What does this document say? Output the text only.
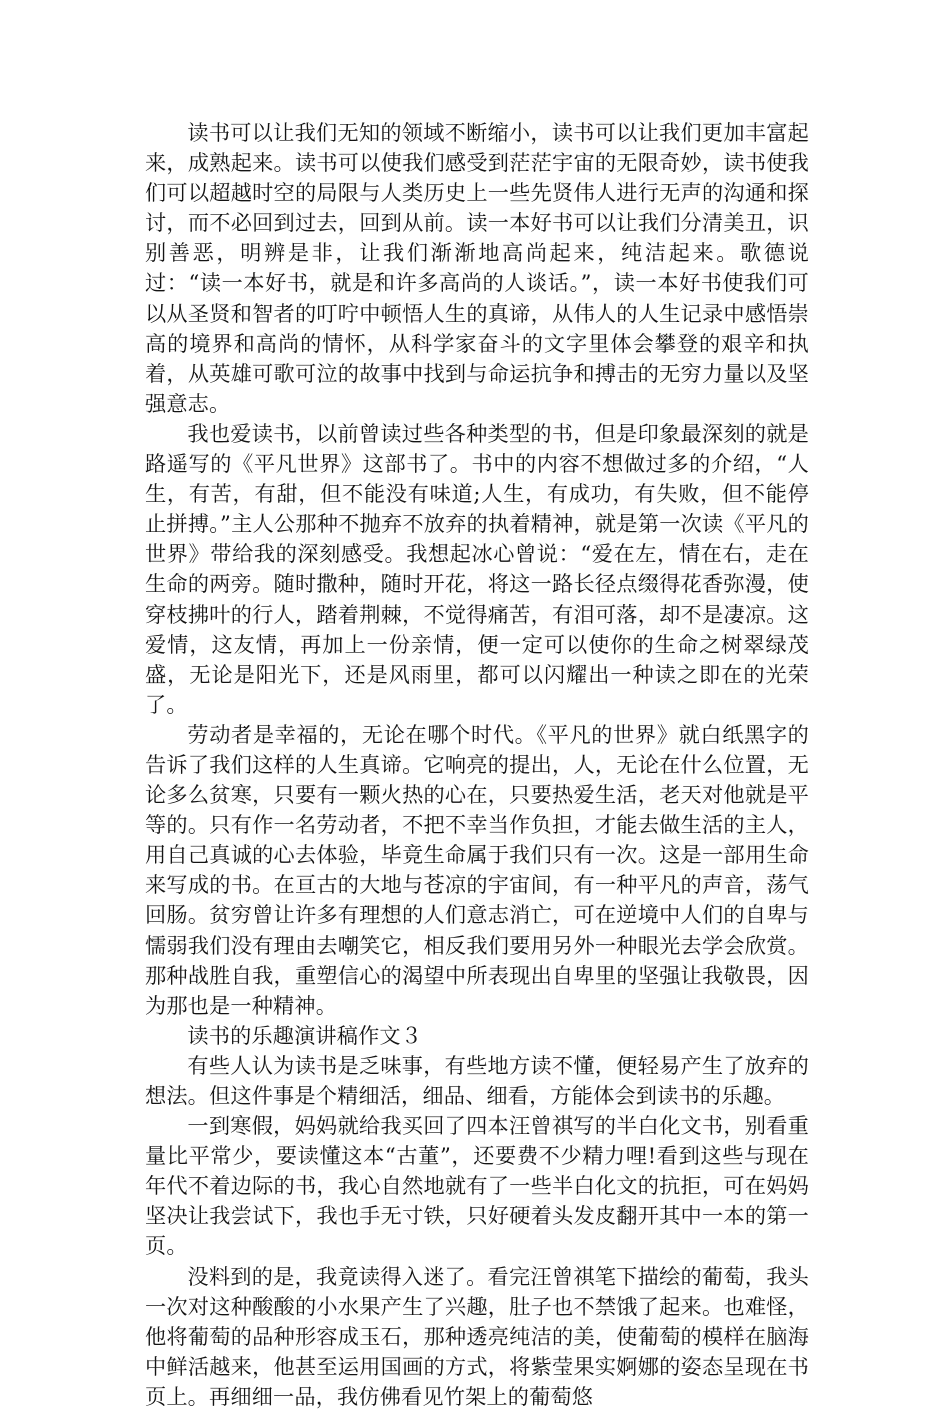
读书可以让我们无知的领域不断缩小，读书可以让我们更加丰富起来，成熟起来。读书可以使我们感受到茫茫宇宙的无限奇妙，读书使我们可以超越时空的局限与人类历史上一些先贤伟人进行无声的沟通和探讨，而不必回到过去，回到从前。读一本好书可以让我们分清美丑，识别善恶，明辨是非，让我们渐渐地高尚起来，纯洁起来。歌德说过：“读一本好书，就是和许多高尚的人谈话。”，读一本好书使我们可以从圣贤和智者的叮咛中顿悟人生的真谛，从伟人的人生记录中感悟崇高的境界和高尚的情怀，从科学家奋斗的文字里体会攀登的艰辛和执着，从英雄可歌可泣的故事中找到与命运抗争和搏击的无穷力量以及坚强意志。

我也爱读书，以前曾读过些各种类型的书，但是印象最深刻的就是路遥写的《平凡世界》这部书了。书中的内容不想做过多的介绍，“人生，有苦，有甜，但不能没有味道;人生，有成功，有失败，但不能停止拼搏。”主人公那种不抛弃不放弃的执着精神，就是第一次读《平凡的世界》带给我的深刻感受。我想起冰心曾说：“爱在左，情在右，走在生命的两旁。随时撒种，随时开花，将这一路长径点缀得花香弥漫，使穿枝拂叶的行人，踏着荆棘，不觉得痛苦，有泪可落，却不是凄凉。这爱情，这友情，再加上一份亲情，便一定可以使你的生命之树翠绿茂盛，无论是阳光下，还是风雨里，都可以闪耀出一种读之即在的光荣了。

劳动者是幸福的，无论在哪个时代。《平凡的世界》就白纸黑字的告诉了我们这样的人生真谛。它响亮的提出，人，无论在什么位置，无论多么贫寒，只要有一颗火热的心在，只要热爱生活，老天对他就是平等的。只有作一名劳动者，不把不幸当作负担，才能去做生活的主人，用自己真诚的心去体验，毕竟生命属于我们只有一次。这是一部用生命来写成的书。在亘古的大地与苍凉的宇宙间，有一种平凡的声音，荡气回肠。贫穷曾让许多有理想的人们意志消亡，可在逆境中人们的自卑与懦弱我们没有理由去嘲笑它，相反我们要用另外一种眼光去学会欣赏。那种战胜自我，重塑信心的渴望中所表现出自卑里的坚强让我敬畏，因为那也是一种精神。

读书的乐趣演讲稿作文３

有些人认为读书是乏味事，有些地方读不懂，便轻易产生了放弃的想法。但这件事是个精细活，细品、细看，方能体会到读书的乐趣。

一到寒假，妈妈就给我买回了四本汪曾祺写的半白化文书，别看重量比平常少，要读懂这本“古董”，还要费不少精力哩!看到这些与现在年代不着边际的书，我心自然地就有了一些半白化文的抗拒，可在妈妈坚决让我尝试下，我也手无寸铁，只好硬着头发皮翻开其中一本的第一页。

没料到的是，我竟读得入迷了。看完汪曾祺笔下描绘的葡萄，我头一次对这种酸酸的小水果产生了兴趣，肚子也不禁饿了起来。也难怪，他将葡萄的品种形容成玉石，那种透亮纯洁的美，使葡萄的模样在脑海中鲜活越来，他甚至运用国画的方式，将紫莹果实婀娜的姿态呈现在书页上。再细细一品，我仿佛看见竹架上的葡萄悠
